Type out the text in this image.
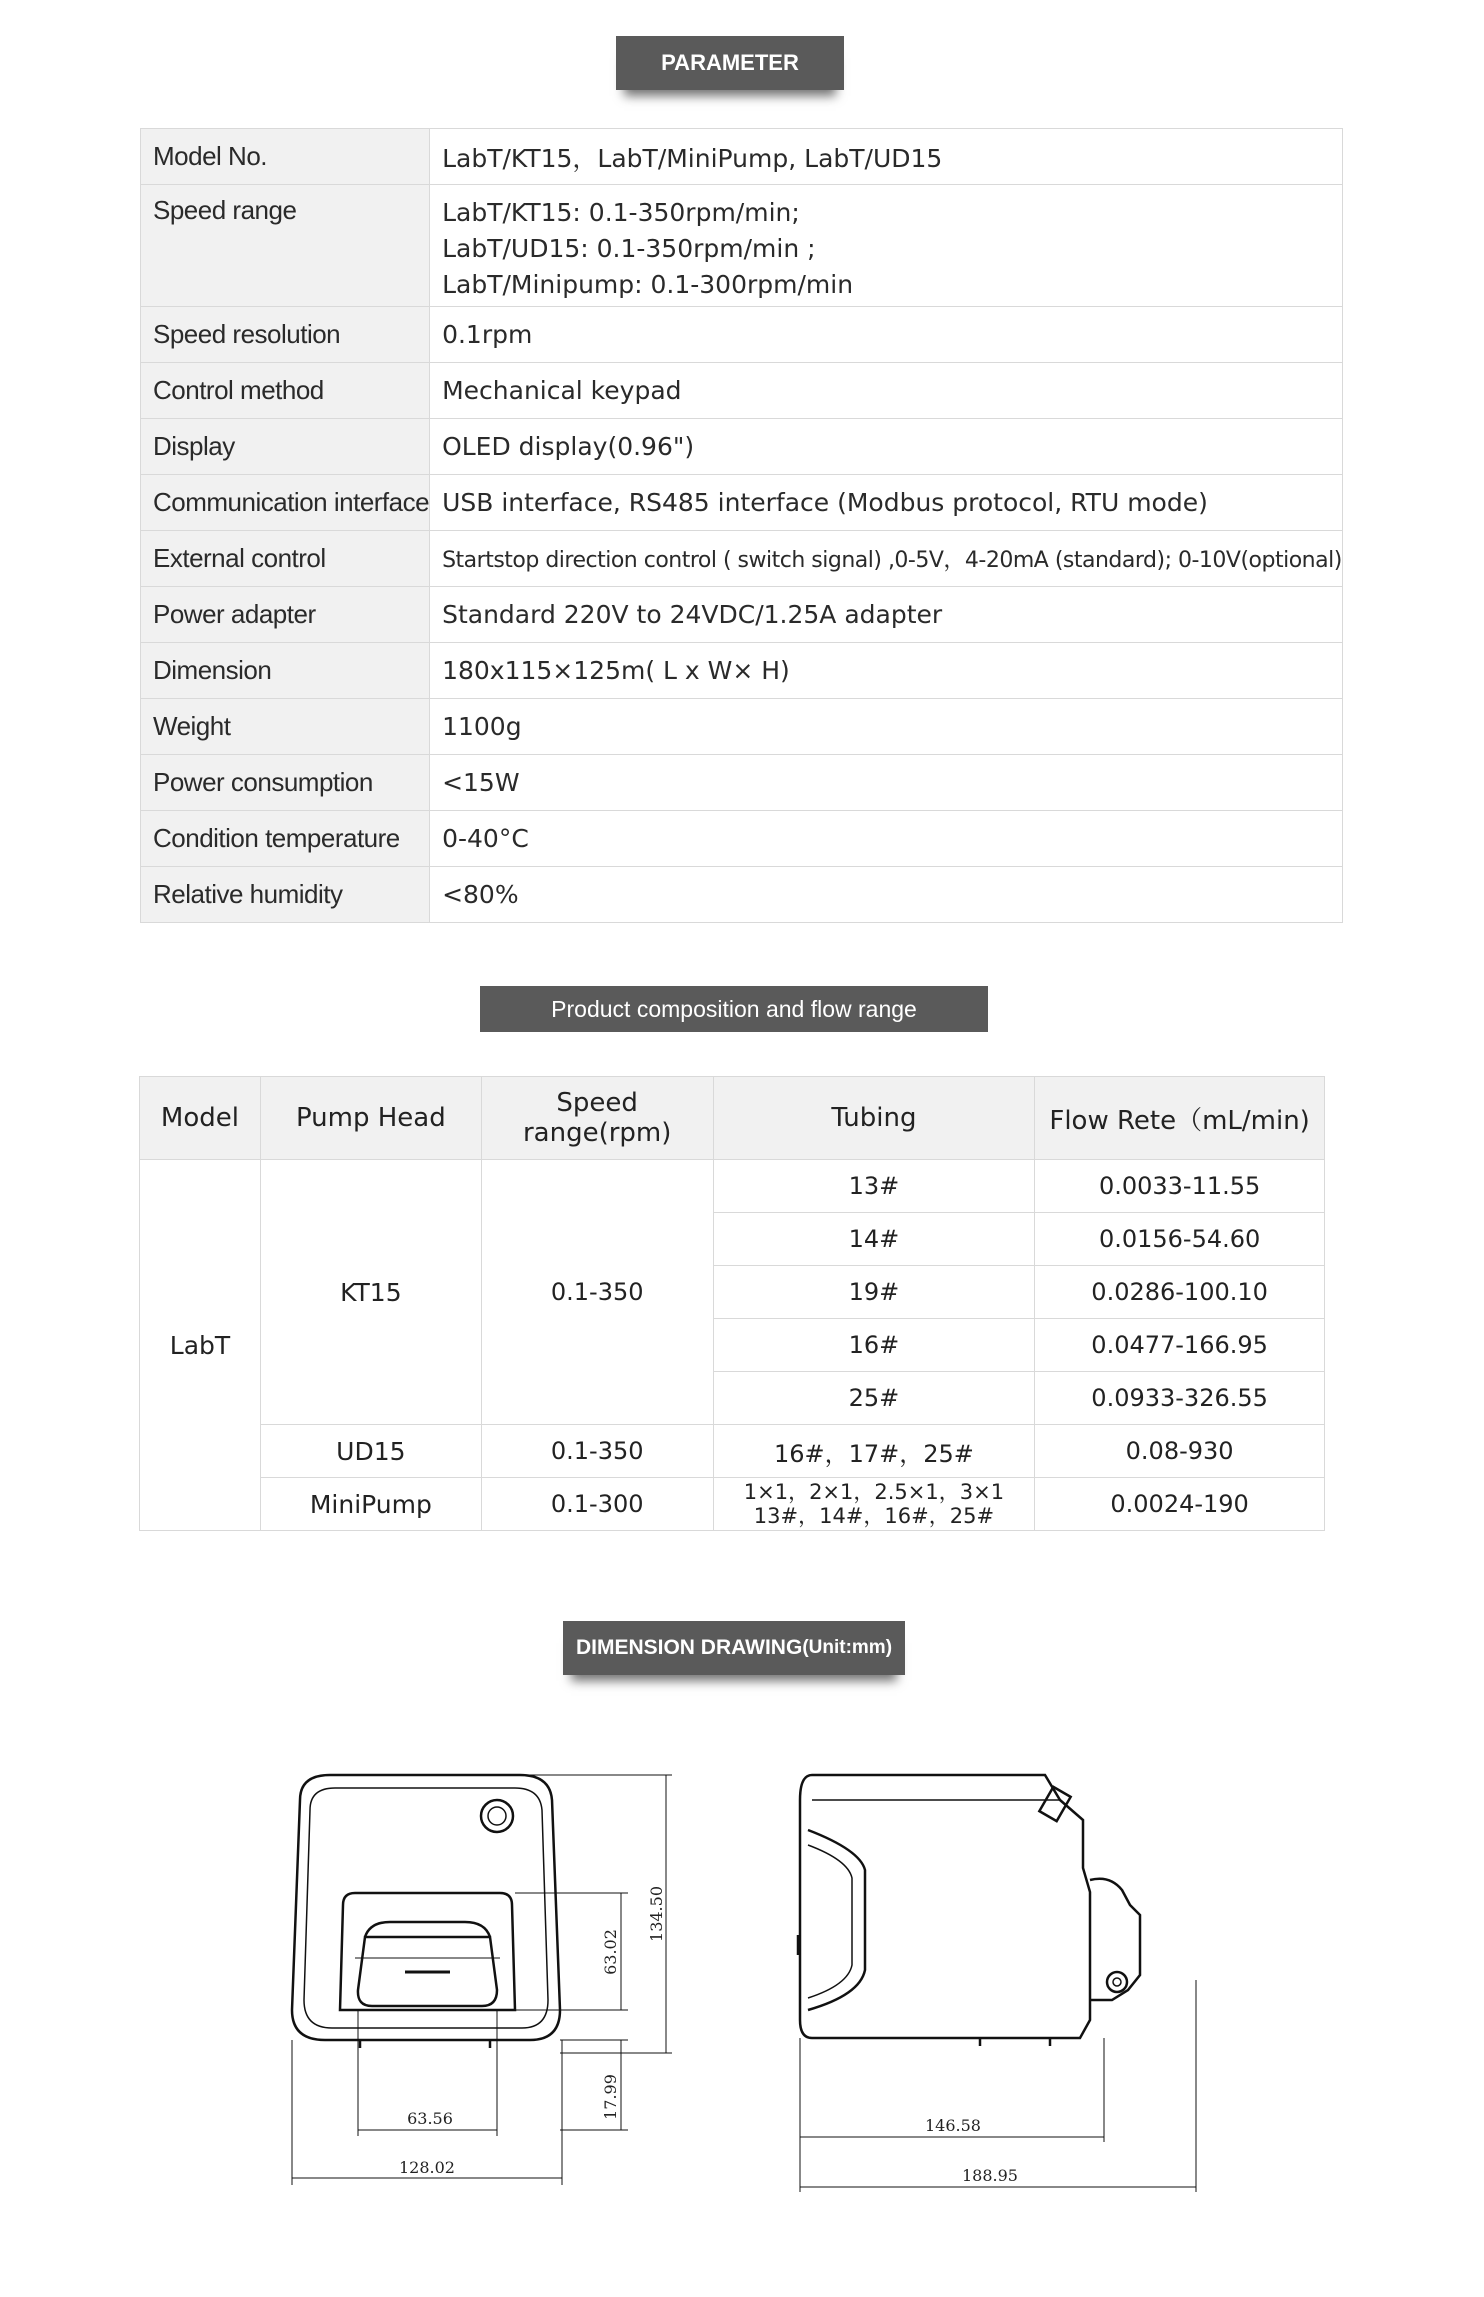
PARAMETER
Model No.	LabT/KT15，LabT/MiniPump, LabT/UD15
Speed range	LabT/KT15: 0.1-350rpm/min;
LabT/UD15: 0.1-350rpm/min ;
LabT/Minipump: 0.1-300rpm/min

Speed resolution	0.1rpm
Control method	Mechanical keypad
Display	OLED display(0.96")
Communication interface	USB interface, RS485 interface (Modbus protocol, RTU mode)
External control	Startstop direction control ( switch signal) ,0-5V，4-20mA (standard); 0-10V(optional)
Power adapter	Standard 220V to 24VDC/1.25A adapter
Dimension	180x115×125m( L x W× H)
Weight	1100g
Power consumption	<15W
Condition temperature	0-40°C
Relative humidity	<80%
Product composition and flow range
Model	Pump Head	Speed range(rpm)	Tubing	Flow Rete（mL/min)
LabT	KT15	0.1-350	13#	0.0033-11.55
			14#	0.0156-54.60
			19#	0.0286-100.10
			16#	0.0477-166.95
			25#	0.0933-326.55
	UD15	0.1-350	16#，17#，25#	0.08-930
	MiniPump	0.1-300	1×1，2×1，2.5×1，3×1
13#，14#，16#，25#	0.0024-190
DIMENSION DRAWING (Unit:mm)
134.50
63.02
17.99
63.56
128.02
146.58
188.95
